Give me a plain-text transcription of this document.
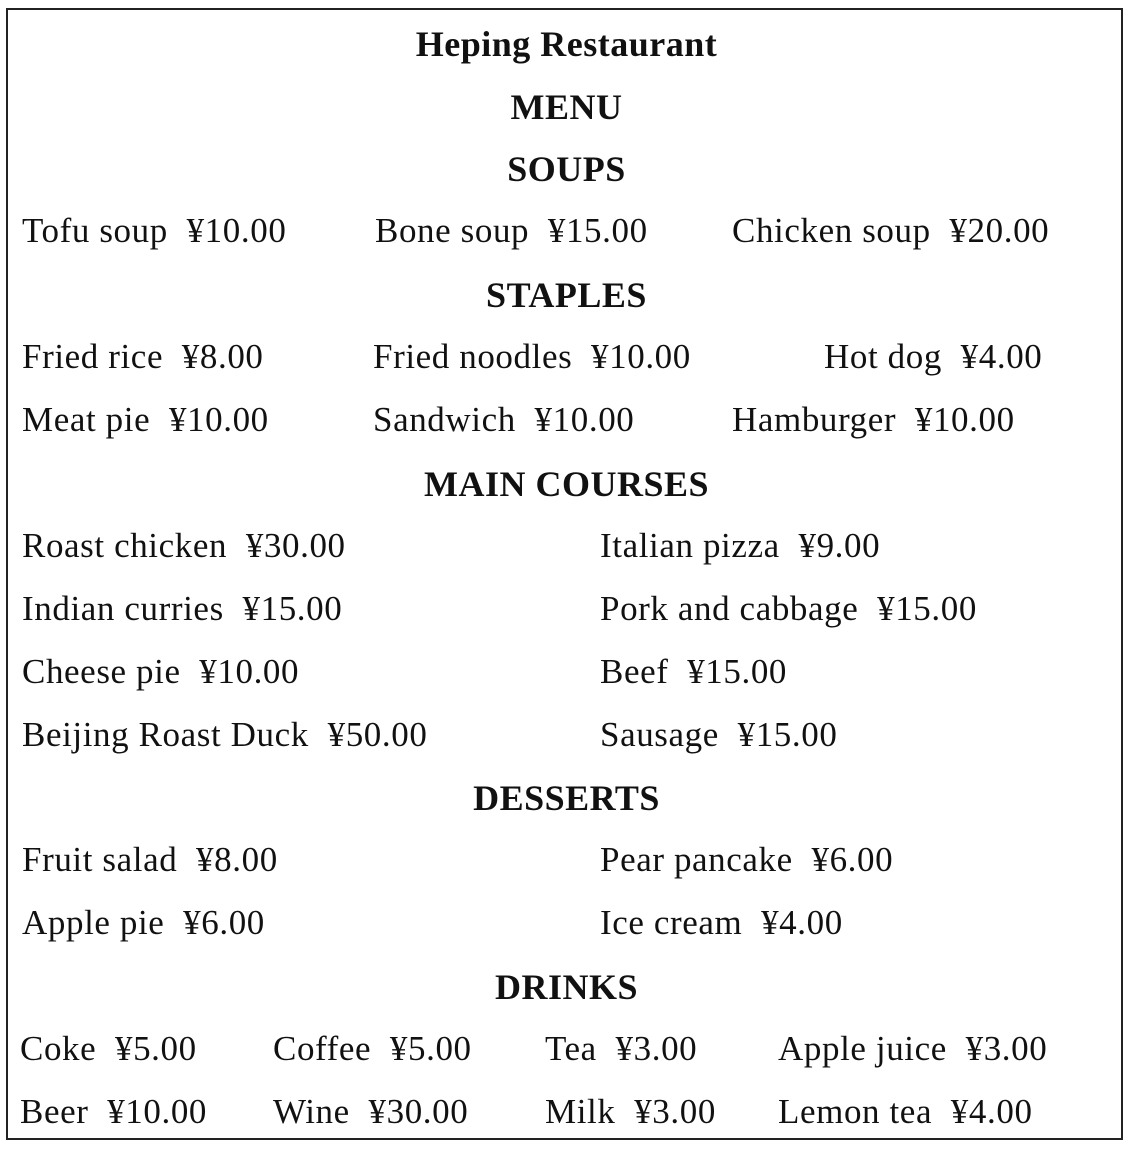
Heping Restaurant
MENU
SOUPS
Tofu soup ¥10.00	Bone soup ¥15.00 Chicken soup ¥20.00
STAPLES
Fried rice ¥8.00	Fried noodles ¥10.00	Hot dog ¥4.00
Meat pie ¥10.00	Sandwich ¥10.00	Hamburger ¥10.00
MAIN COURSES
Roast chicken ¥30.00	Italian pizza ¥9.00
Indian curries ¥15.00	Pork and cabbage ¥15.00
Cheese pie ¥10.00	Beef ¥15.00
Beijing Roast Duck ¥50.00	Sausage ¥15.00
DESSERTS
Fruit salad ¥8.00	Pear pancake ¥6.00
Apple pie ¥6.00	Ice cream ¥4.00
DRINKS
Coke ¥5.00 Coffee ¥5.00 Tea ¥3.00 Apple juice ¥3.00
Beer ¥10.00 Wine ¥30.00 Milk ¥3.00 Lemon tea ¥4.00
